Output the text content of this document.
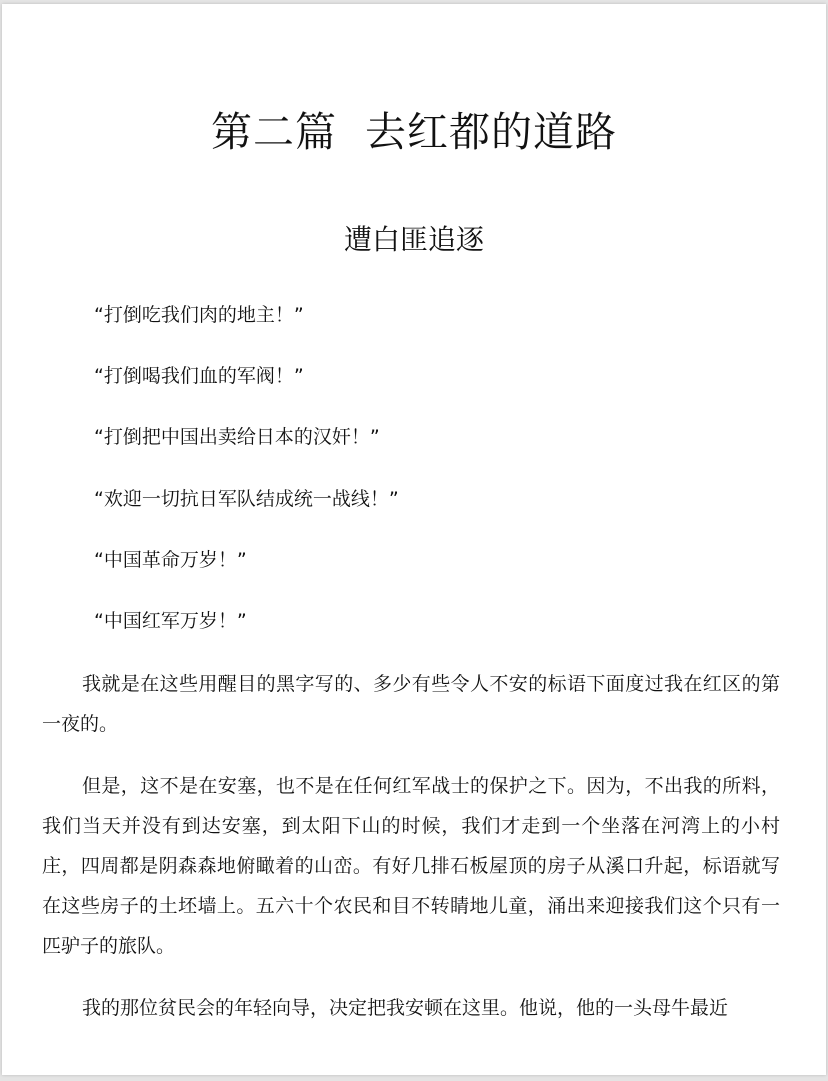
第二篇  去红都的道路
遭白匪追逐
“打倒吃我们肉的地主！”
“打倒喝我们血的军阀！”
“打倒把中国出卖给日本的汉奸！”
“欢迎一切抗日军队结成统一战线！”
“中国革命万岁！”
“中国红军万岁！”

我就是在这些用醒目的黑字写的、多少有些令人不安的标语下面度过我在红区的第一夜的。

但是，这不是在安塞，也不是在任何红军战士的保护之下。因为，不出我的所料，我们当天并没有到达安塞，到太阳下山的时候，我们才走到一个坐落在河湾上的小村庄，四周都是阴森森地俯瞰着的山峦。有好几排石板屋顶的房子从溪口升起，标语就写在这些房子的土坯墙上。五六十个农民和目不转睛地儿童，涌出来迎接我们这个只有一匹驴子的旅队。

我的那位贫民会的年轻向导，决定把我安顿在这里。他说，他的一头母牛最近
